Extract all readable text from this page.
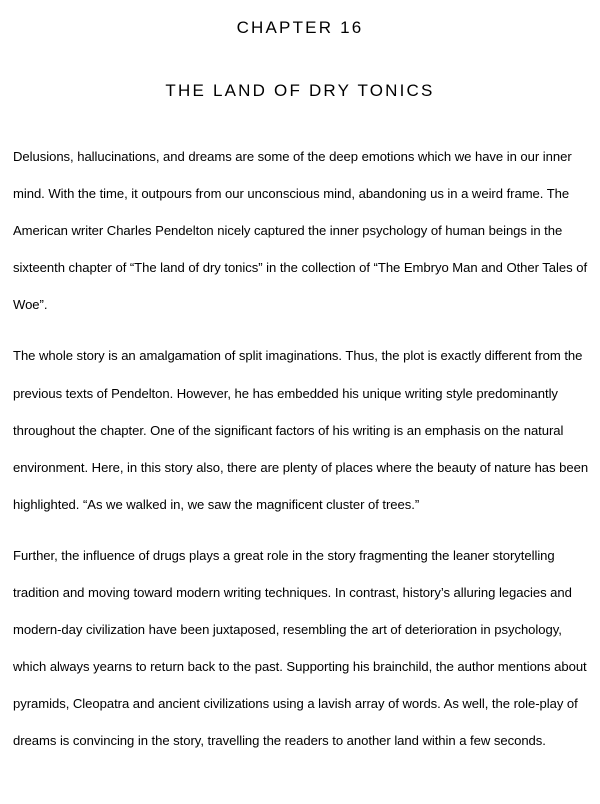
CHAPTER 16
THE LAND OF DRY TONICS

Delusions, hallucinations, and dreams are some of the deep emotions which we have in our inner mind. With the time, it outpours from our unconscious mind, abandoning us in a weird frame. The American writer Charles Pendelton nicely captured the inner psychology of human beings in the sixteenth chapter of “The land of dry tonics” in the collection of “The Embryo Man and Other Tales of Woe”.

The whole story is an amalgamation of split imaginations. Thus, the plot is exactly different from the previous texts of Pendelton. However, he has embedded his unique writing style predominantly throughout the chapter. One of the significant factors of his writing is an emphasis on the natural environment. Here, in this story also, there are plenty of places where the beauty of nature has been highlighted. “As we walked in, we saw the magnificent cluster of trees.”

Further, the influence of drugs plays a great role in the story fragmenting the leaner storytelling tradition and moving toward modern writing techniques. In contrast, history’s alluring legacies and modern-day civilization have been juxtaposed, resembling the art of deterioration in psychology, which always yearns to return back to the past. Supporting his brainchild, the author mentions about pyramids, Cleopatra and ancient civilizations using a lavish array of words. As well, the role-play of dreams is convincing in the story, travelling the readers to another land within a few seconds.
